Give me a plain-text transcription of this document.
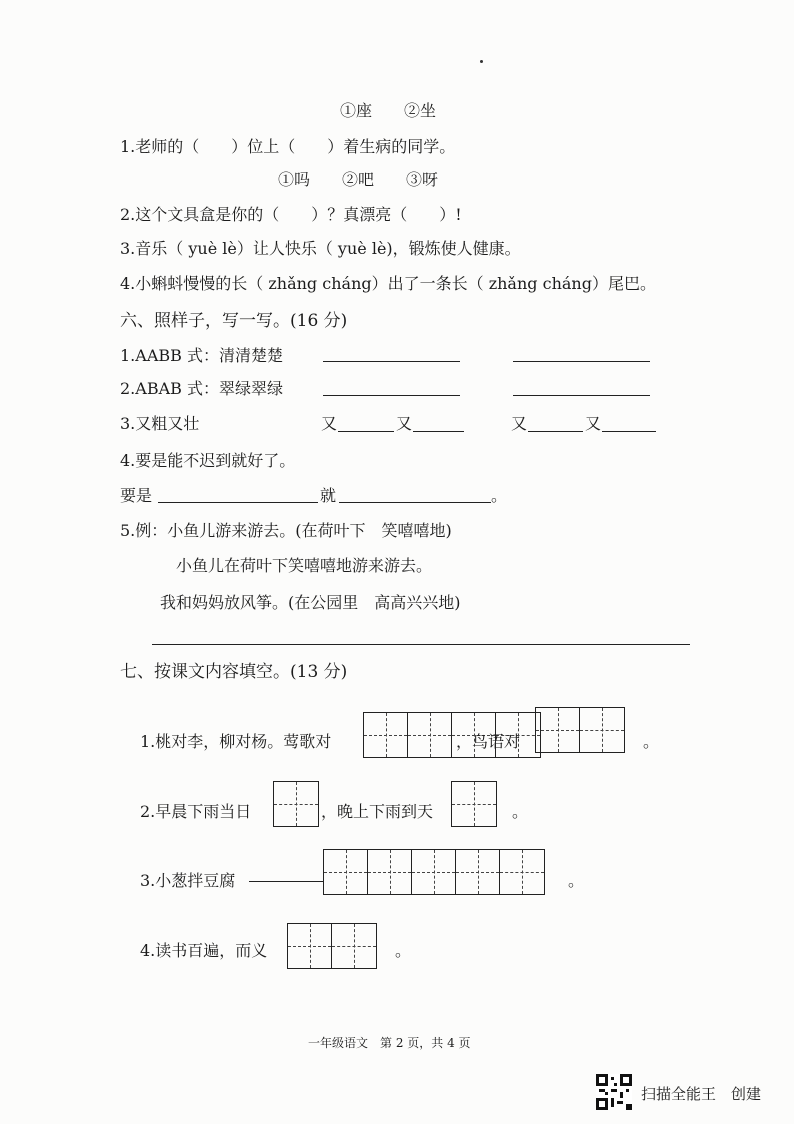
①座　　②坐
1.老师的（　　）位上（　　）着生病的同学。
①吗　　②吧　　③呀
2.这个文具盒是你的（　　）？真漂亮（　　）!
3.音乐（ yuè lè）让人快乐（ yuè lè)，锻炼使人健康。
4.小蝌蚪慢慢的长（ zhǎng cháng）出了一条长（ zhǎng cháng）尾巴。
六、照样子，写一写。(16 分)
1.AABB 式：清清楚楚
2.ABAB 式：翠绿翠绿
3.又粗又壮	又	又	又	又
4.要是能不迟到就好了。
要是	就	。
5.例：小鱼儿游来游去。(在荷叶下　笑嘻嘻地)
小鱼儿在荷叶下笑嘻嘻地游来游去。
我和妈妈放风筝。(在公园里　高高兴兴地)
七、按课文内容填空。(13 分)
1.桃对李，柳对杨。莺歌对	，鸟语对	。
2.早晨下雨当日	，晚上下雨到天	。
3.小葱拌豆腐	。
4.读书百遍，而义	。
一年级语文　第 2 页，共 4 页
扫描全能王　创建
